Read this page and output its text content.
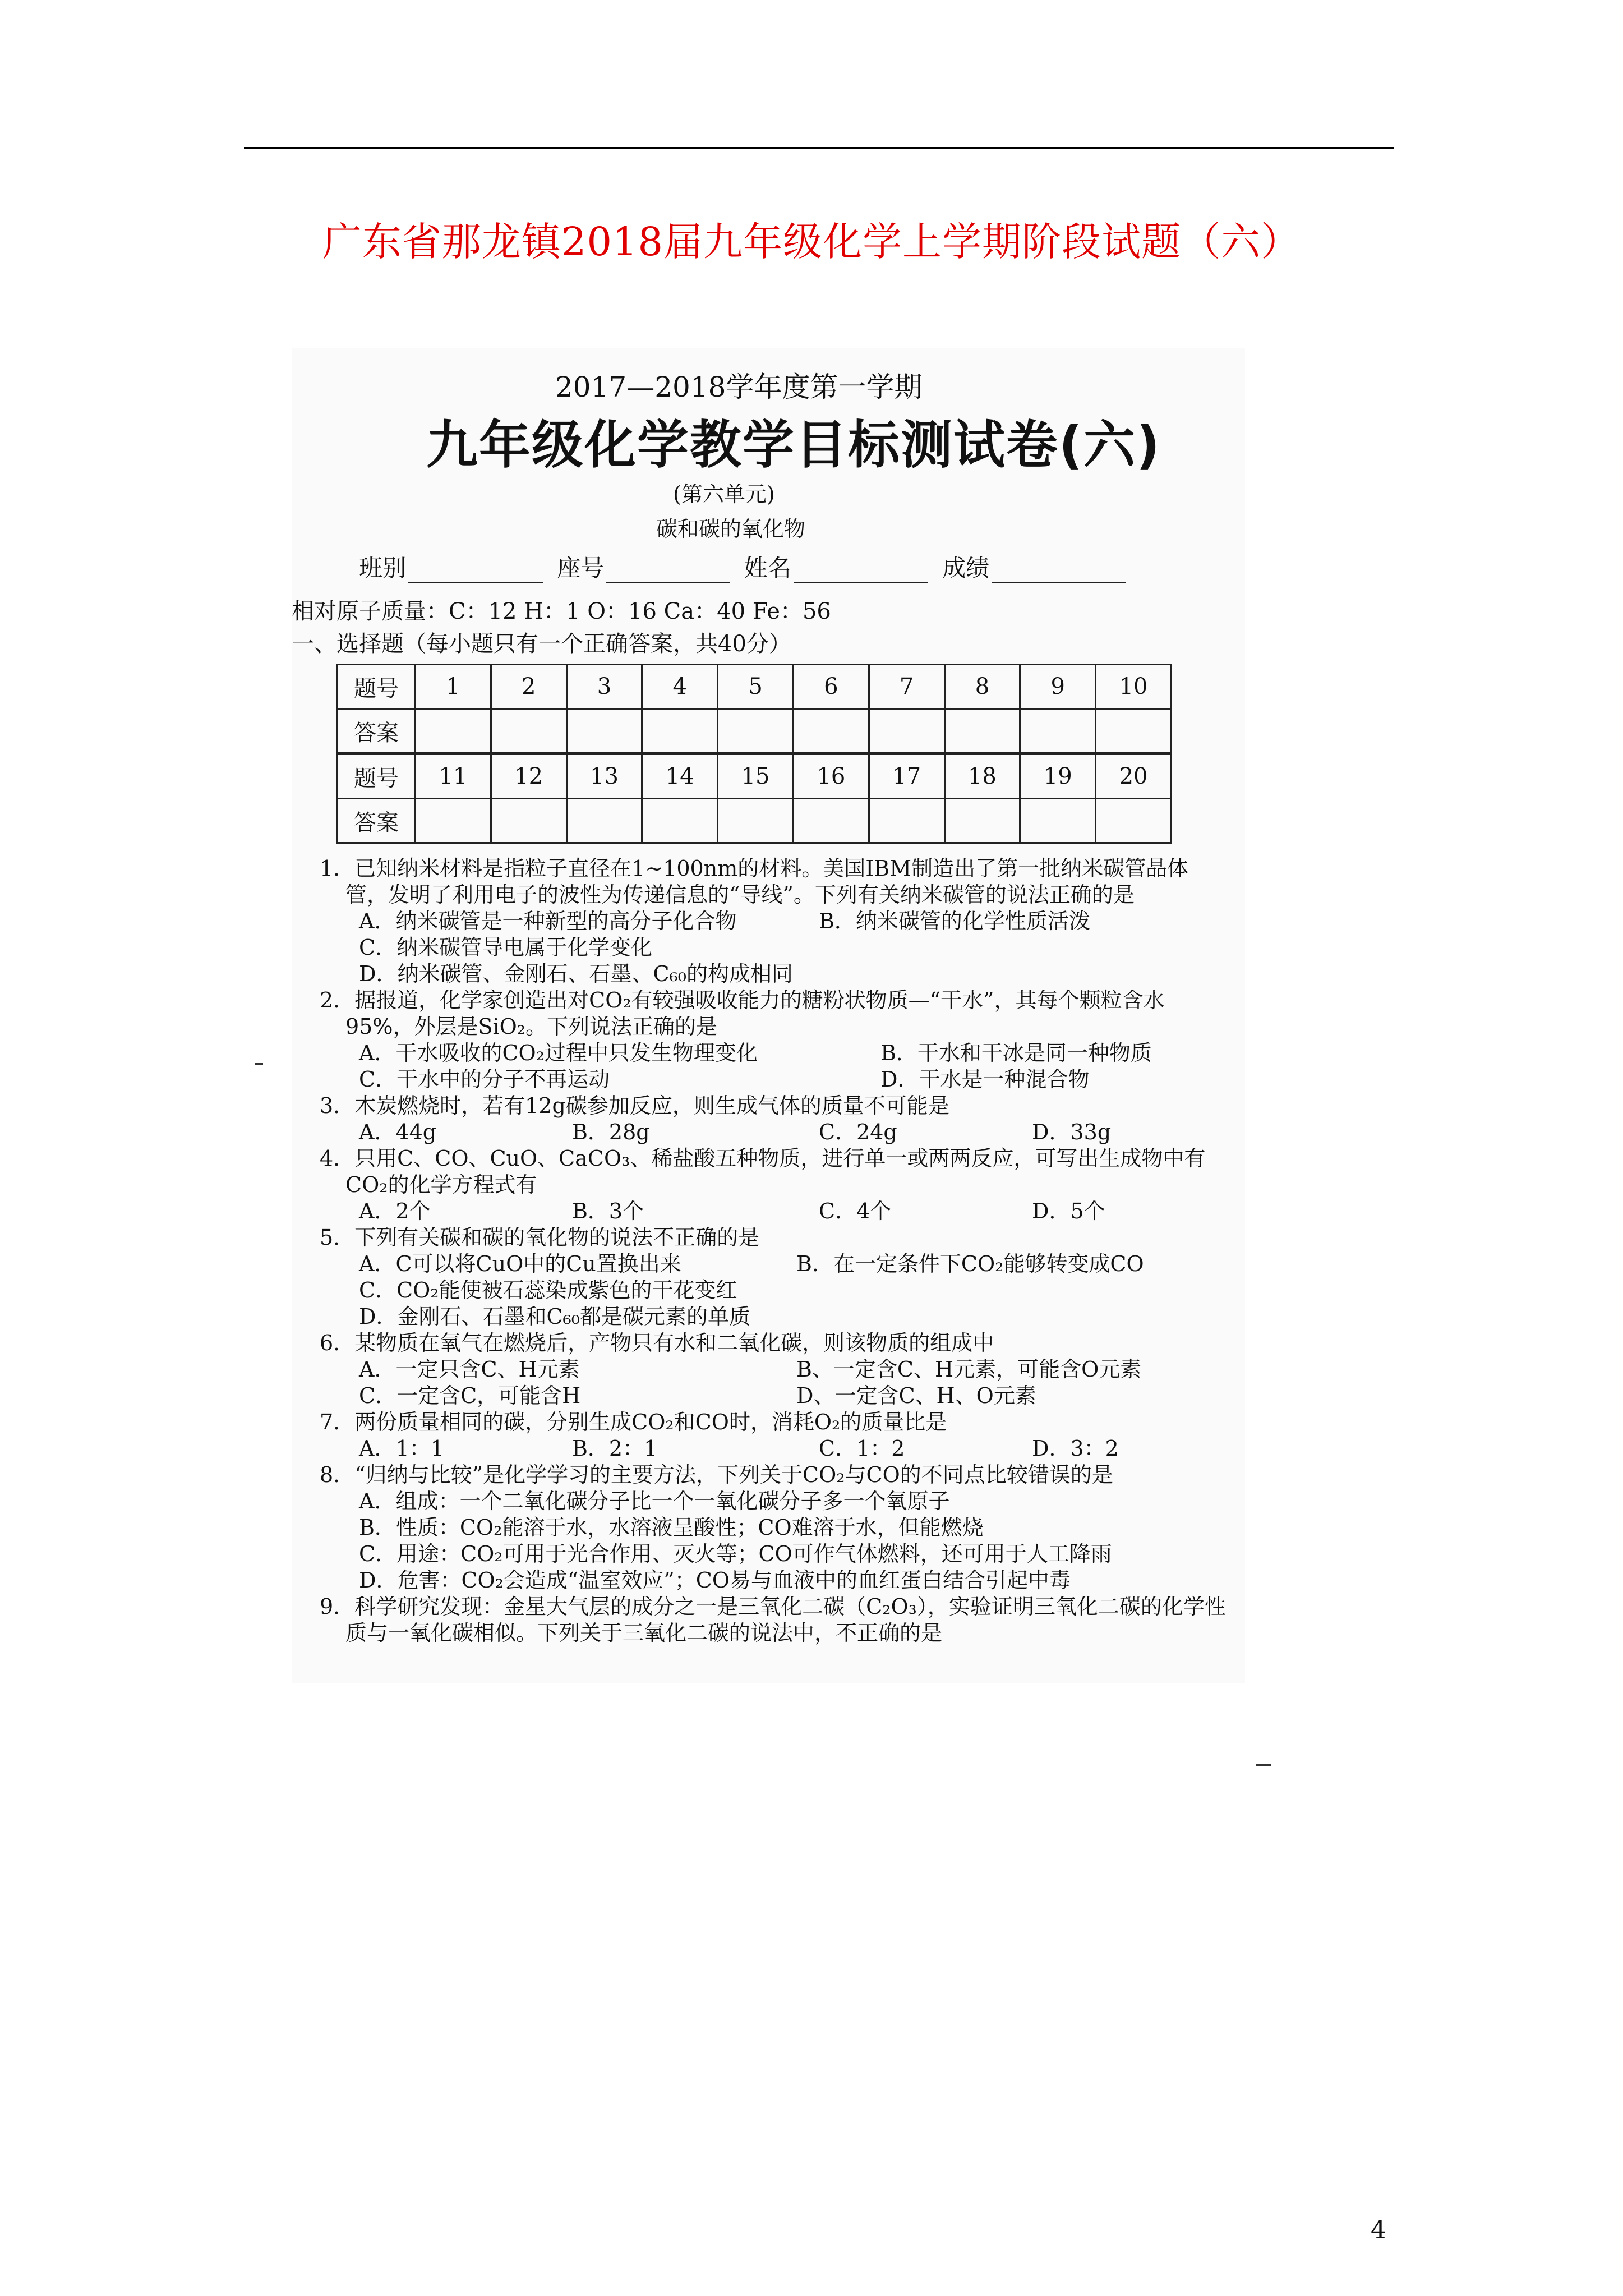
广东省那龙镇2018届九年级化学上学期阶段试题（六）
2017—2018学年度第一学期
九年级化学教学目标测试卷(六)
(第六单元)
碳和碳的氧化物
班别	座号	姓名	成绩
相对原子质量：C：12 H：1 O：16 Ca：40 Fe：56
一、选择题（每小题只有一个正确答案，共40分）
题号	1	2	3	4	5	6	7	8	9	10
答案										
题号	11	12	13	14	15	16	17	18	19	20
答案										
1．已知纳米材料是指粒子直径在1~100nm的材料。美国IBM制造出了第一批纳米碳管晶体管，发明了利用电子的波性为传递信息的“导线”。下列有关纳米碳管的说法正确的是
A．纳米碳管是一种新型的高分子化合物	B．纳米碳管的化学性质活泼
C．纳米碳管导电属于化学变化
D．纳米碳管、金刚石、石墨、C₆₀的构成相同
2．据报道，化学家创造出对CO₂有较强吸收能力的糖粉状物质—“干水”，其每个颗粒含水95%，外层是SiO₂。下列说法正确的是
A．干水吸收的CO₂过程中只发生物理变化	B．干水和干冰是同一种物质
C．干水中的分子不再运动	D．干水是一种混合物
3．木炭燃烧时，若有12g碳参加反应，则生成气体的质量不可能是
A．44g	B．28g	C．24g	D．33g
4．只用C、CO、CuO、CaCO₃、稀盐酸五种物质，进行单一或两两反应，可写出生成物中有CO₂的化学方程式有
A．2个	B．3个	C．4个	D．5个
5．下列有关碳和碳的氧化物的说法不正确的是
A．C可以将CuO中的Cu置换出来	B．在一定条件下CO₂能够转变成CO
C．CO₂能使被石蕊染成紫色的干花变红
D．金刚石、石墨和C₆₀都是碳元素的单质
6．某物质在氧气在燃烧后，产物只有水和二氧化碳，则该物质的组成中
A．一定只含C、H元素	B、一定含C、H元素，可能含O元素
C．一定含C，可能含H	D、一定含C、H、O元素
7．两份质量相同的碳，分别生成CO₂和CO时，消耗O₂的质量比是
A．1：1	B．2：1	C．1：2	D．3：2
8．“归纳与比较”是化学学习的主要方法，下列关于CO₂与CO的不同点比较错误的是
A．组成：一个二氧化碳分子比一个一氧化碳分子多一个氧原子
B．性质：CO₂能溶于水，水溶液呈酸性；CO难溶于水，但能燃烧
C．用途：CO₂可用于光合作用、灭火等；CO可作气体燃料，还可用于人工降雨
D．危害：CO₂会造成“温室效应”；CO易与血液中的血红蛋白结合引起中毒
9．科学研究发现：金星大气层的成分之一是三氧化二碳（C₂O₃），实验证明三氧化二碳的化学性质与一氧化碳相似。下列关于三氧化二碳的说法中，不正确的是
4
